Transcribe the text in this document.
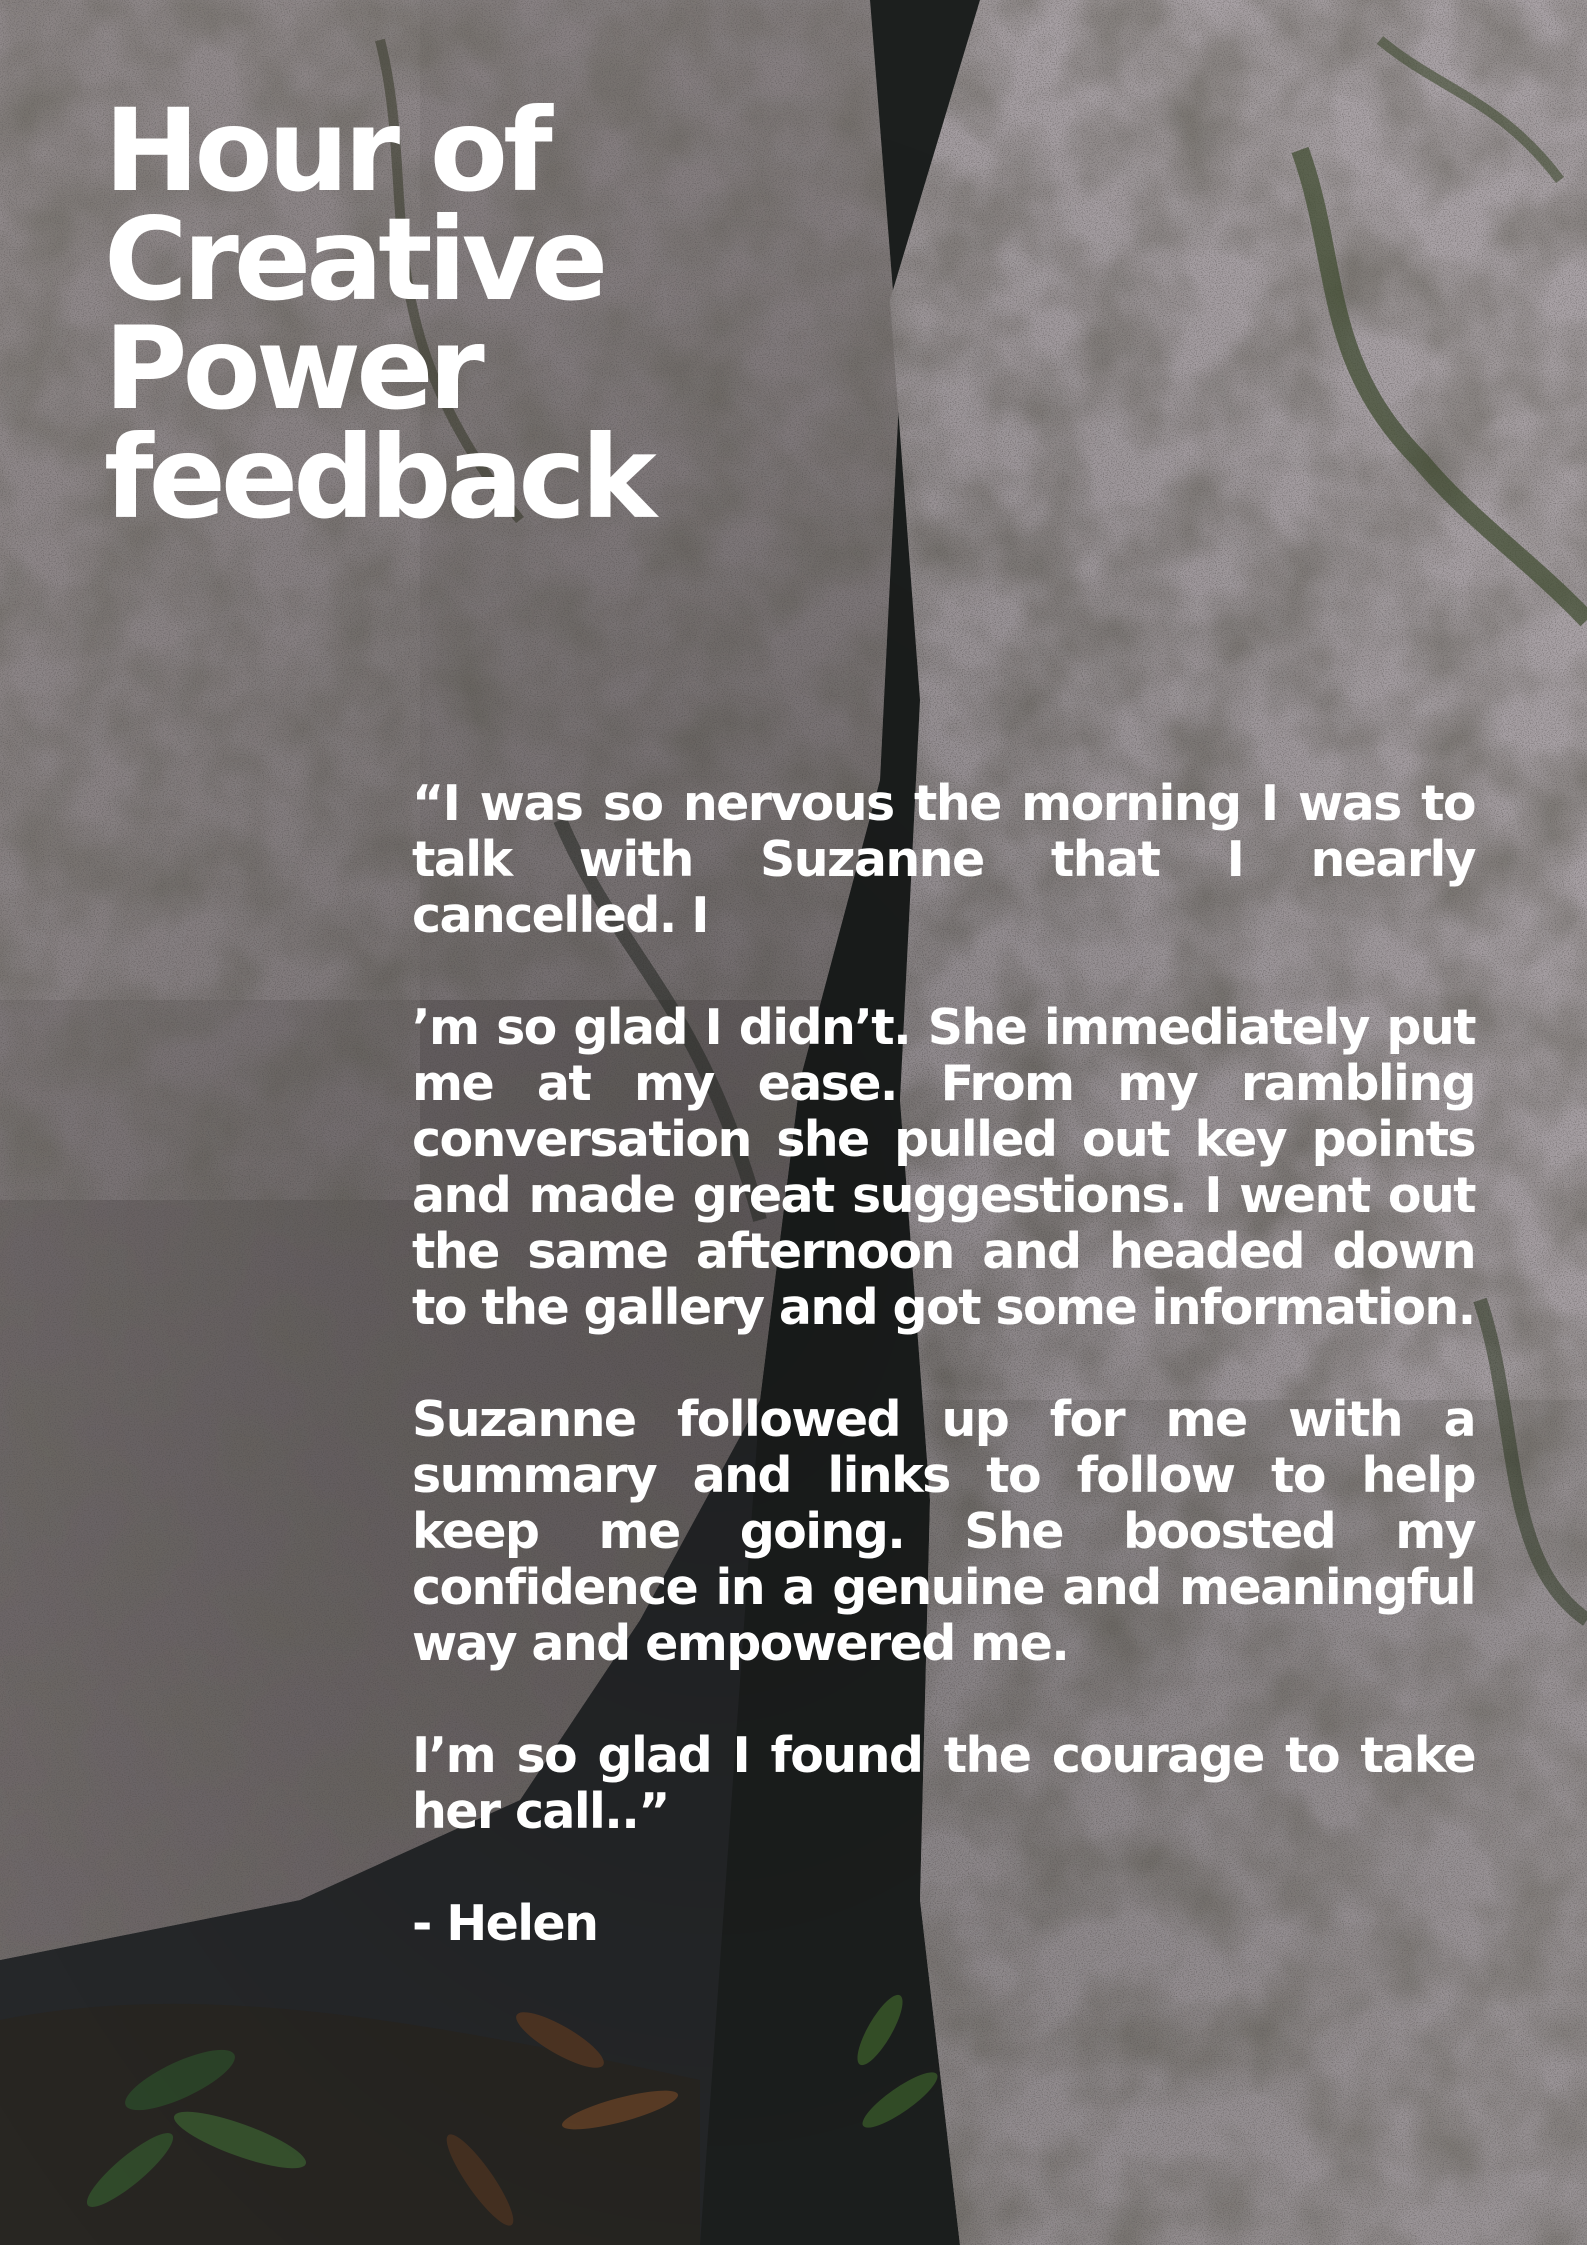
Hour of
Creative
Power
feedback

“I was so nervous the morning I was to talk with Suzanne that I nearly cancelled. I

’m so glad I didn’t. She immediately put me at my ease. From my rambling conversation she pulled out key points and made great suggestions. I went out the same afternoon and headed down to the gallery and got some information.

Suzanne followed up for me with a summary and links to follow to help keep me going. She boosted my confidence in a genuine and meaningful way and empowered me.

I’m so glad I found the courage to take her call..”

- Helen
